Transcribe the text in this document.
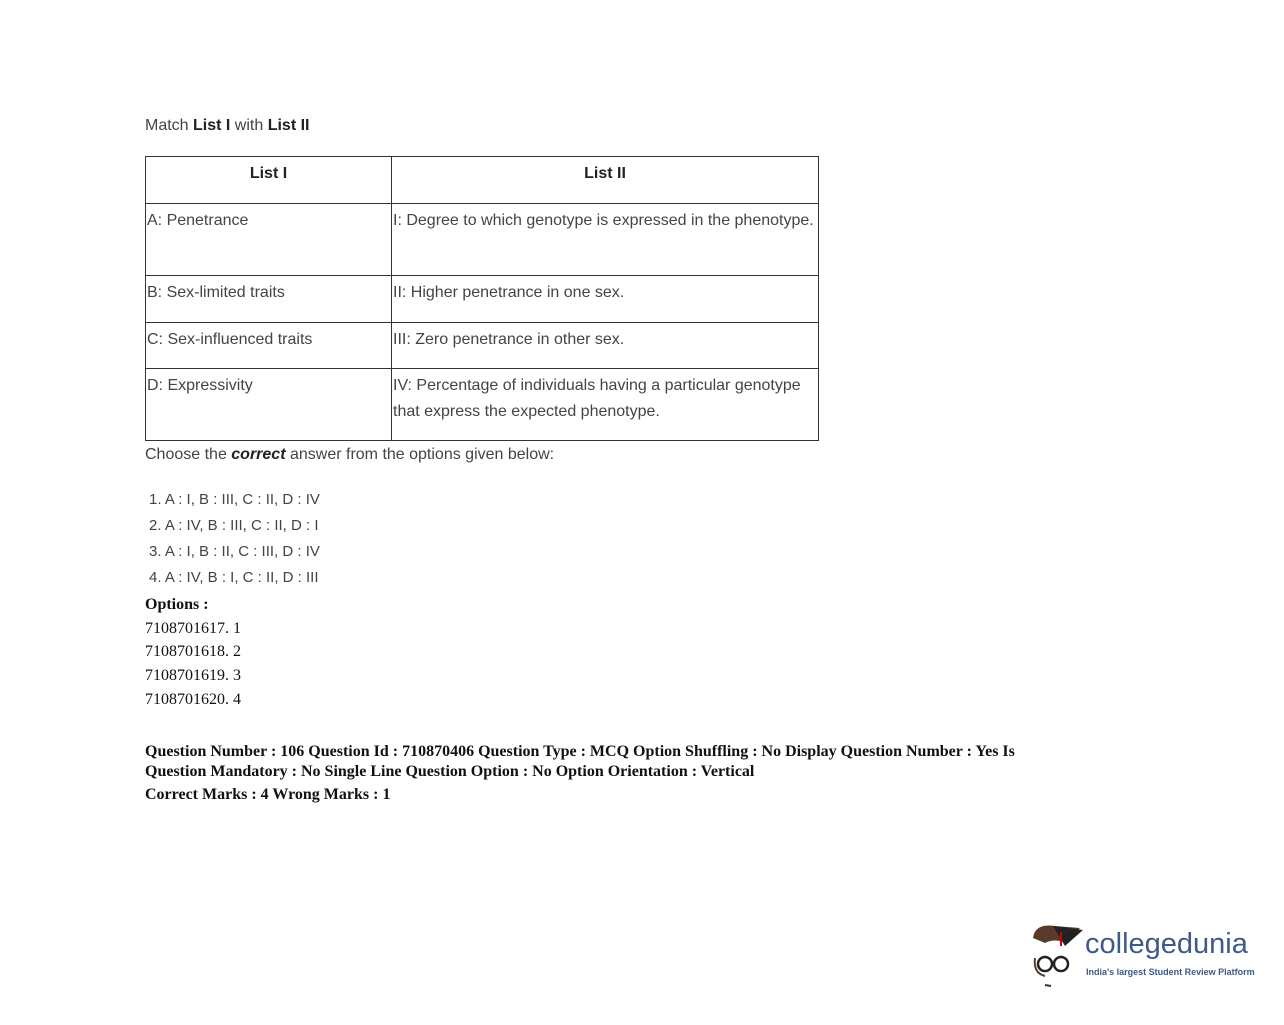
Match List I with List II
List I	List II
A: Penetrance	I: Degree to which genotype is expressed in the phenotype.
B: Sex-limited traits	II: Higher penetrance in one sex.
C: Sex-influenced traits	III: Zero penetrance in other sex.
D: Expressivity	IV: Percentage of individuals having a particular genotype that express the expected phenotype.
Choose the correct answer from the options given below:
1. A : I, B : III, C : II, D : IV
2. A : IV, B : III, C : II, D : I
3. A : I, B : II, C : III, D : IV
4. A : IV, B : I, C : II, D : III
Options :
7108701617. 1
7108701618. 2
7108701619. 3
7108701620. 4
Question Number : 106 Question Id : 710870406 Question Type : MCQ Option Shuffling : No Display Question Number : Yes Is
Question Mandatory : No Single Line Question Option : No Option Orientation : Vertical
Correct Marks : 4 Wrong Marks : 1
collegedunia
India's largest Student Review Platform
